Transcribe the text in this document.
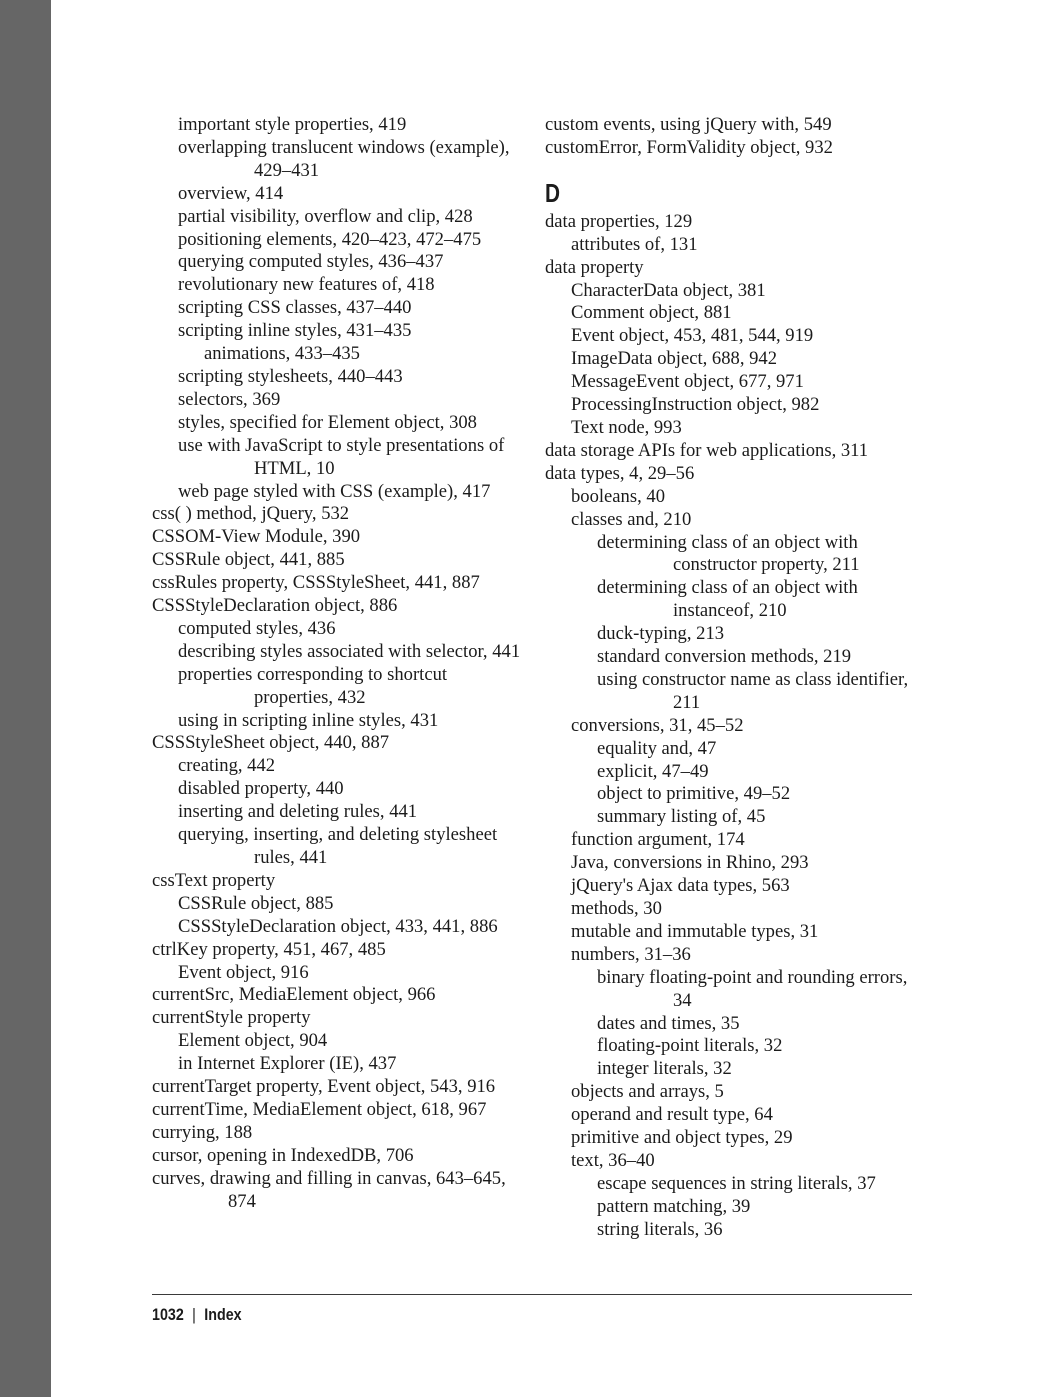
important style properties, 419
overlapping translucent windows (example), 429–431
overview, 414
partial visibility, overflow and clip, 428
positioning elements, 420–423, 472–475
querying computed styles, 436–437
revolutionary new features of, 418
scripting CSS classes, 437–440
scripting inline styles, 431–435
animations, 433–435
scripting stylesheets, 440–443
selectors, 369
styles, specified for Element object, 308
use with JavaScript to style presentations of HTML, 10
web page styled with CSS (example), 417
css( ) method, jQuery, 532
CSSOM-View Module, 390
CSSRule object, 441, 885
cssRules property, CSSStyleSheet, 441, 887
CSSStyleDeclaration object, 886
computed styles, 436
describing styles associated with selector, 441
properties corresponding to shortcut properties, 432
using in scripting inline styles, 431
CSSStyleSheet object, 440, 887
creating, 442
disabled property, 440
inserting and deleting rules, 441
querying, inserting, and deleting stylesheet rules, 441
cssText property
CSSRule object, 885
CSSStyleDeclaration object, 433, 441, 886
ctrlKey property, 451, 467, 485
Event object, 916
currentSrc, MediaElement object, 966
currentStyle property
Element object, 904
in Internet Explorer (IE), 437
currentTarget property, Event object, 543, 916
currentTime, MediaElement object, 618, 967
currying, 188
cursor, opening in IndexedDB, 706
curves, drawing and filling in canvas, 643–645, 874
custom events, using jQuery with, 549
customError, FormValidity object, 932
D
data properties, 129
attributes of, 131
data property
CharacterData object, 381
Comment object, 881
Event object, 453, 481, 544, 919
ImageData object, 688, 942
MessageEvent object, 677, 971
ProcessingInstruction object, 982
Text node, 993
data storage APIs for web applications, 311
data types, 4, 29–56
booleans, 40
classes and, 210
determining class of an object with constructor property, 211
determining class of an object with instanceof, 210
duck-typing, 213
standard conversion methods, 219
using constructor name as class identifier, 211
conversions, 31, 45–52
equality and, 47
explicit, 47–49
object to primitive, 49–52
summary listing of, 45
function argument, 174
Java, conversions in Rhino, 293
jQuery's Ajax data types, 563
methods, 30
mutable and immutable types, 31
numbers, 31–36
binary floating-point and rounding errors, 34
dates and times, 35
floating-point literals, 32
integer literals, 32
objects and arrays, 5
operand and result type, 64
primitive and object types, 29
text, 36–40
escape sequences in string literals, 37
pattern matching, 39
string literals, 36
1032 | Index
